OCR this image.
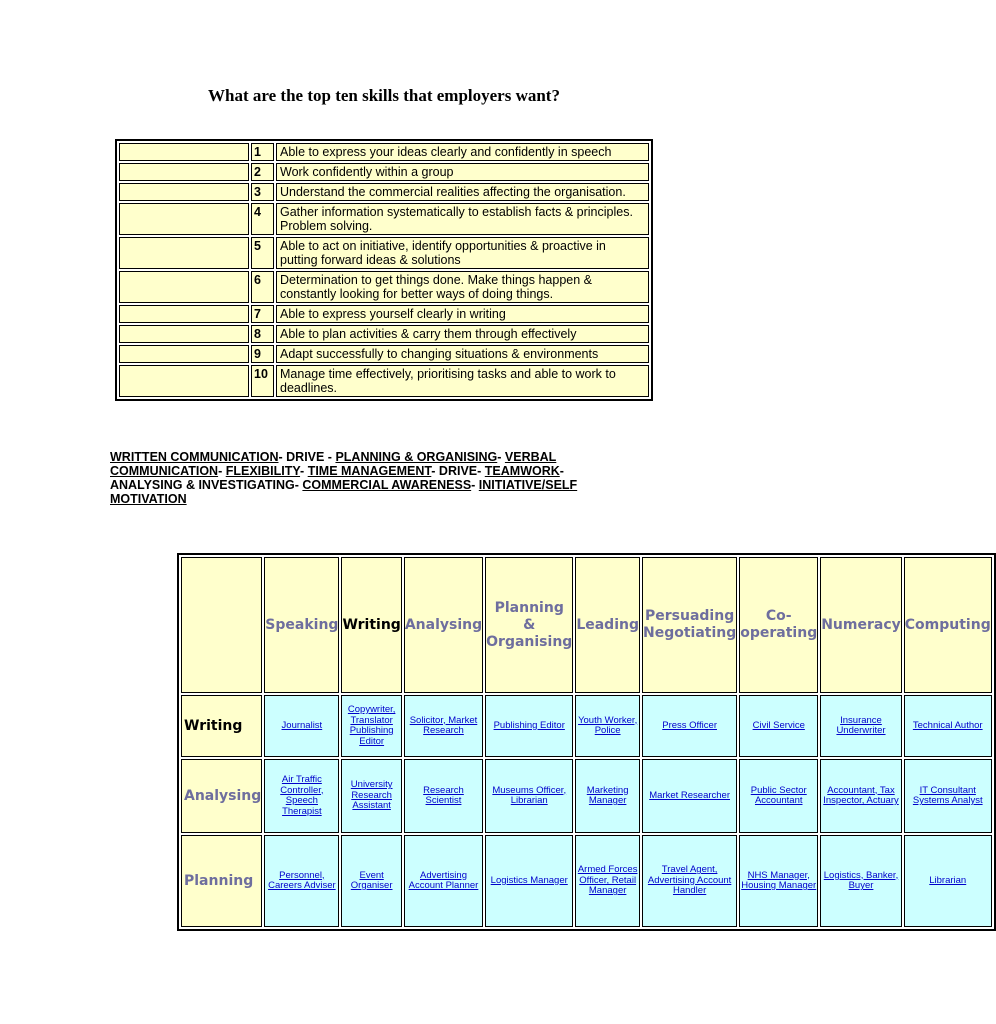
What are the top ten skills that employers want?
	1	Able to express your ideas clearly and confidently in speech
	2	Work confidently within a group
	3	Understand the commercial realities affecting the organisation.
	4	Gather information systematically to establish facts & principles. Problem solving.
	5	Able to act on initiative, identify opportunities & proactive in putting forward ideas & solutions
	6	Determination to get things done. Make things happen & constantly looking for better ways of doing things.
	7	Able to express yourself clearly in writing
	8	Able to plan activities & carry them through effectively
	9	Adapt successfully to changing situations & environments
	10	Manage time effectively, prioritising tasks and able to work to deadlines.

WRITTEN COMMUNICATION- DRIVE - PLANNING & ORGANISING- VERBAL COMMUNICATION- FLEXIBILITY- TIME MANAGEMENT- DRIVE- TEAMWORK- ANALYSING & INVESTIGATING- COMMERCIAL AWARENESS- INITIATIVE/SELF MOTIVATION

	Speaking	Writing	Analysing	Planning & Organising	Leading	Persuading Negotiating	Co-operating	Numeracy	Computing
Writing	Journalist	Copywriter, Translator Publishing Editor	Solicitor, Market Research	Publishing Editor	Youth Worker, Police	Press Officer	Civil Service	Insurance Underwriter	Technical Author
Analysing	Air Traffic Controller, Speech Therapist	University Research Assistant	Research Scientist	Museums Officer, Librarian	Marketing Manager	Market Researcher	Public Sector Accountant	Accountant, Tax Inspector, Actuary	IT Consultant Systems Analyst
Planning	Personnel, Careers Adviser	Event Organiser	Advertising Account Planner	Logistics Manager	Armed Forces Officer, Retail Manager	Travel Agent, Advertising Account Handler	NHS Manager, Housing Manager	Logistics, Banker, Buyer	Librarian
